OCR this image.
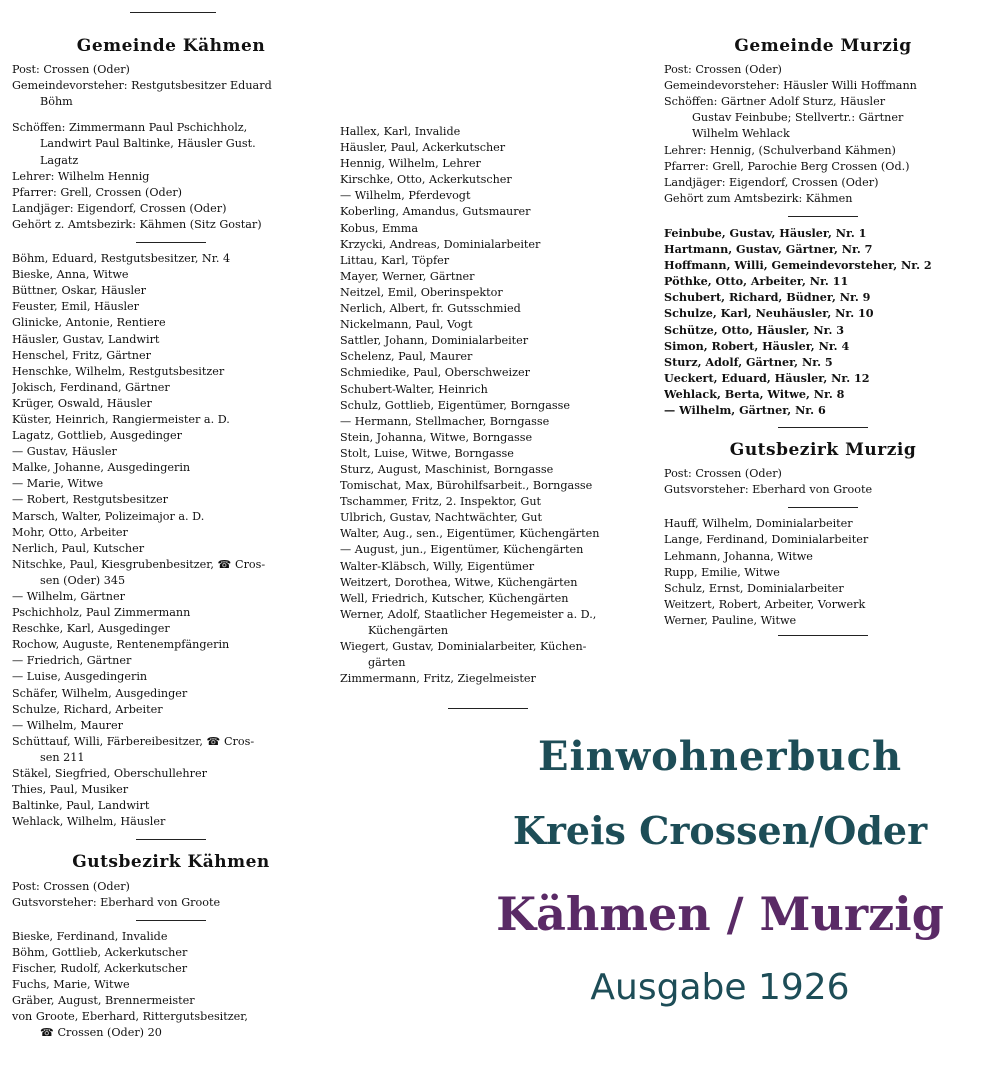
Gemeinde Kähmen
Post: Crossen (Oder)
Gemeindevorsteher: Restgutsbesitzer Eduard
Böhm
Schöffen: Zimmermann Paul Pschichholz,
Landwirt Paul Baltinke, Häusler Gust.
Lagatz
Lehrer: Wilhelm Hennig
Pfarrer: Grell, Crossen (Oder)
Landjäger: Eigendorf, Crossen (Oder)
Gehört z. Amtsbezirk: Kähmen (Sitz Gostar)
Böhm, Eduard, Restgutsbesitzer, Nr. 4
Bieske, Anna, Witwe
Büttner, Oskar, Häusler
Feuster, Emil, Häusler
Glinicke, Antonie, Rentiere
Häusler, Gustav, Landwirt
Henschel, Fritz, Gärtner
Henschke, Wilhelm, Restgutsbesitzer
Jokisch, Ferdinand, Gärtner
Krüger, Oswald, Häusler
Küster, Heinrich, Rangiermeister a. D.
Lagatz, Gottlieb, Ausgedinger
— Gustav, Häusler
Malke, Johanne, Ausgedingerin
— Marie, Witwe
— Robert, Restgutsbesitzer
Marsch, Walter, Polizeimajor a. D.
Mohr, Otto, Arbeiter
Nerlich, Paul, Kutscher
Nitschke, Paul, Kiesgrubenbesitzer, ☎ Cros-
sen (Oder) 345
— Wilhelm, Gärtner
Pschichholz, Paul Zimmermann
Reschke, Karl, Ausgedinger
Rochow, Auguste, Rentenempfängerin
— Friedrich, Gärtner
— Luise, Ausgedingerin
Schäfer, Wilhelm, Ausgedinger
Schulze, Richard, Arbeiter
— Wilhelm, Maurer
Schüttauf, Willi, Färbereibesitzer, ☎ Cros-
sen 211
Stäkel, Siegfried, Oberschullehrer
Thies, Paul, Musiker
Baltinke, Paul, Landwirt
Wehlack, Wilhelm, Häusler
Gutsbezirk Kähmen
Post: Crossen (Oder)
Gutsvorsteher: Eberhard von Groote
Bieske, Ferdinand, Invalide
Böhm, Gottlieb, Ackerkutscher
Fischer, Rudolf, Ackerkutscher
Fuchs, Marie, Witwe
Gräber, August, Brennermeister
von Groote, Eberhard, Rittergutsbesitzer,
☎ Crossen (Oder) 20
Hallex, Karl, Invalide
Häusler, Paul, Ackerkutscher
Hennig, Wilhelm, Lehrer
Kirschke, Otto, Ackerkutscher
— Wilhelm, Pferdevogt
Koberling, Amandus, Gutsmaurer
Kobus, Emma
Krzycki, Andreas, Dominialarbeiter
Littau, Karl, Töpfer
Mayer, Werner, Gärtner
Neitzel, Emil, Oberinspektor
Nerlich, Albert, fr. Gutsschmied
Nickelmann, Paul, Vogt
Sattler, Johann, Dominialarbeiter
Schelenz, Paul, Maurer
Schmiedike, Paul, Oberschweizer
Schubert-Walter, Heinrich
Schulz, Gottlieb, Eigentümer, Borngasse
— Hermann, Stellmacher, Borngasse
Stein, Johanna, Witwe, Borngasse
Stolt, Luise, Witwe, Borngasse
Sturz, August, Maschinist, Borngasse
Tomischat, Max, Bürohilfsarbeit., Borngasse
Tschammer, Fritz, 2. Inspektor, Gut
Ulbrich, Gustav, Nachtwächter, Gut
Walter, Aug., sen., Eigentümer, Küchengärten
— August, jun., Eigentümer, Küchengärten
Walter-Kläbsch, Willy, Eigentümer
Weitzert, Dorothea, Witwe, Küchengärten
Well, Friedrich, Kutscher, Küchengärten
Werner, Adolf, Staatlicher Hegemeister a. D.,
Küchengärten
Wiegert, Gustav, Dominialarbeiter, Küchen-
gärten
Zimmermann, Fritz, Ziegelmeister
Gemeinde Murzig
Post: Crossen (Oder)
Gemeindevorsteher: Häusler Willi Hoffmann
Schöffen: Gärtner Adolf Sturz, Häusler
Gustav Feinbube; Stellvertr.: Gärtner
Wilhelm Wehlack
Lehrer: Hennig, (Schulverband Kähmen)
Pfarrer: Grell, Parochie Berg Crossen (Od.)
Landjäger: Eigendorf, Crossen (Oder)
Gehört zum Amtsbezirk: Kähmen
Feinbube, Gustav, Häusler, Nr. 1
Hartmann, Gustav, Gärtner, Nr. 7
Hoffmann, Willi, Gemeindevorsteher, Nr. 2
Pöthke, Otto, Arbeiter, Nr. 11
Schubert, Richard, Büdner, Nr. 9
Schulze, Karl, Neuhäusler, Nr. 10
Schütze, Otto, Häusler, Nr. 3
Simon, Robert, Häusler, Nr. 4
Sturz, Adolf, Gärtner, Nr. 5
Ueckert, Eduard, Häusler, Nr. 12
Wehlack, Berta, Witwe, Nr. 8
— Wilhelm, Gärtner, Nr. 6
Gutsbezirk Murzig
Post: Crossen (Oder)
Gutsvorsteher: Eberhard von Groote
Hauff, Wilhelm, Dominialarbeiter
Lange, Ferdinand, Dominialarbeiter
Lehmann, Johanna, Witwe
Rupp, Emilie, Witwe
Schulz, Ernst, Dominialarbeiter
Weitzert, Robert, Arbeiter, Vorwerk
Werner, Pauline, Witwe
Einwohnerbuch
Kreis Crossen/Oder
Kähmen / Murzig
Ausgabe 1926
